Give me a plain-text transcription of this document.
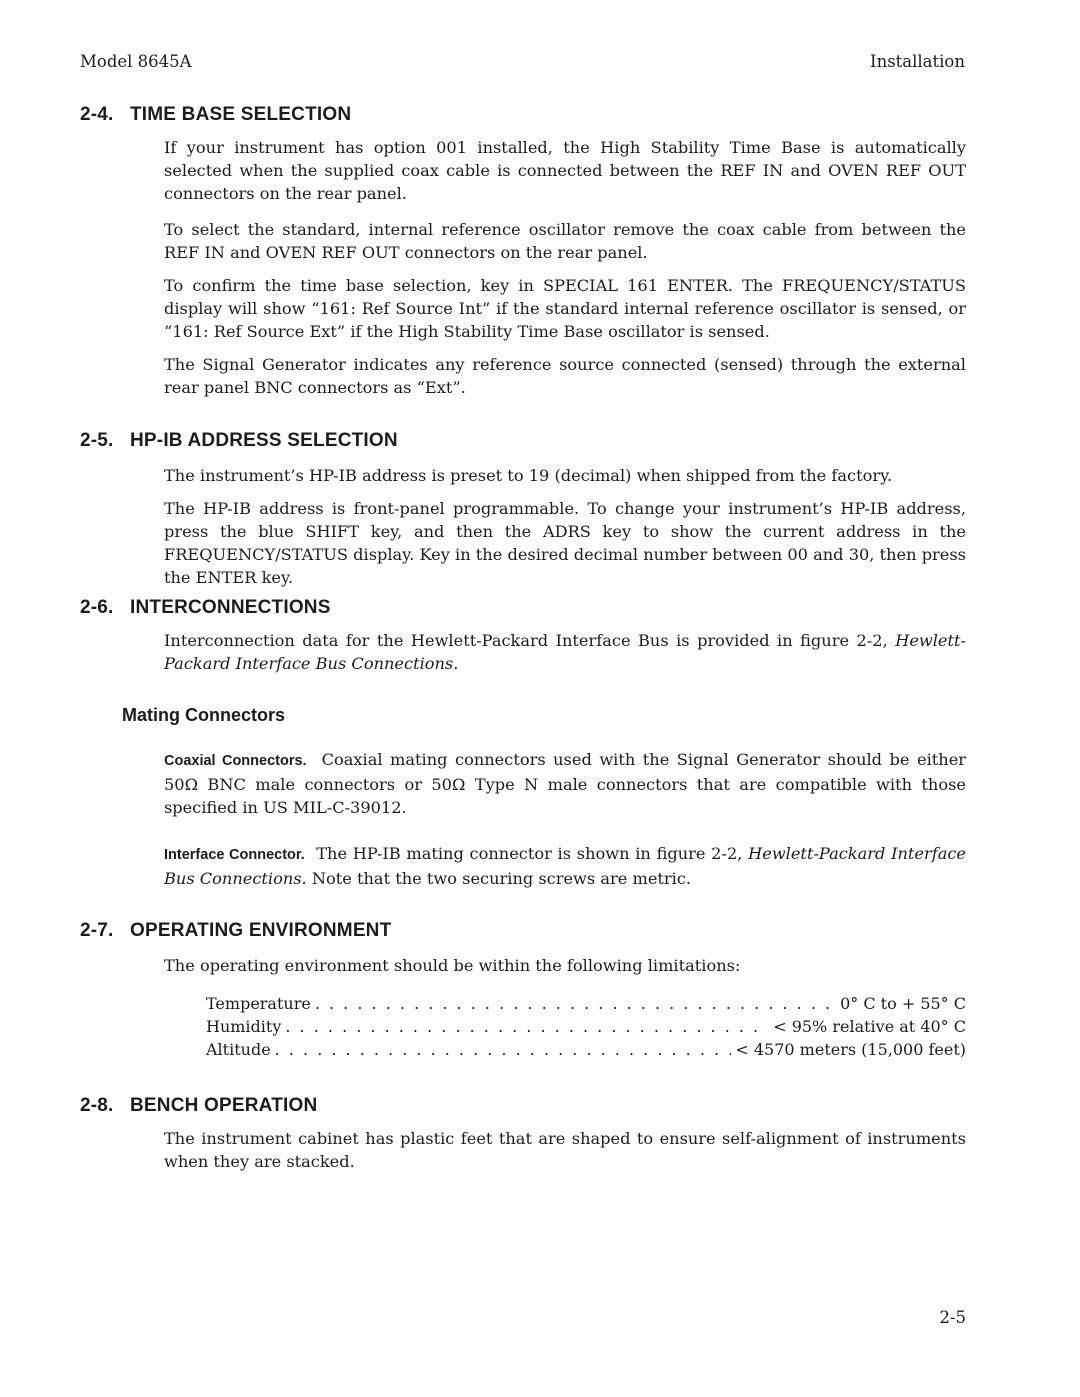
Model 8645A	Installation
2-4. TIME BASE SELECTION

If your instrument has option 001 installed, the High Stability Time Base is automatically selected when the supplied coax cable is connected between the REF IN and OVEN REF OUT connectors on the rear panel.

To select the standard, internal reference oscillator remove the coax cable from between the REF IN and OVEN REF OUT connectors on the rear panel.

To confirm the time base selection, key in SPECIAL 161 ENTER. The FREQUENCY/STATUS display will show “161: Ref Source Int” if the standard internal reference oscillator is sensed, or “161: Ref Source Ext” if the High Stability Time Base oscillator is sensed.

The Signal Generator indicates any reference source connected (sensed) through the external rear panel BNC connectors as “Ext”.

2-5. HP-IB ADDRESS SELECTION

The instrument’s HP-IB address is preset to 19 (decimal) when shipped from the factory.

The HP-IB address is front-panel programmable. To change your instrument’s HP-IB address, press the blue SHIFT key, and then the ADRS key to show the current address in the FREQUENCY/STATUS display. Key in the desired decimal number between 00 and 30, then press the ENTER key.

2-6. INTERCONNECTIONS

Interconnection data for the Hewlett-Packard Interface Bus is provided in figure 2-2, Hewlett-Packard Interface Bus Connections.

Mating Connectors

Coaxial Connectors. Coaxial mating connectors used with the Signal Generator should be either 50Ω BNC male connectors or 50Ω Type N male connectors that are compatible with those specified in US MIL-C-39012.

Interface Connector. The HP-IB mating connector is shown in figure 2-2, Hewlett-Packard Interface Bus Connections. Note that the two securing screws are metric.

2-7. OPERATING ENVIRONMENT

The operating environment should be within the following limitations:

Temperature . . .	0° C to + 55° C
Humidity . . .	< 95% relative at 40° C
Altitude . . .	< 4570 meters (15,000 feet)
2-8. BENCH OPERATION

The instrument cabinet has plastic feet that are shaped to ensure self-alignment of instruments when they are stacked.

2-5
